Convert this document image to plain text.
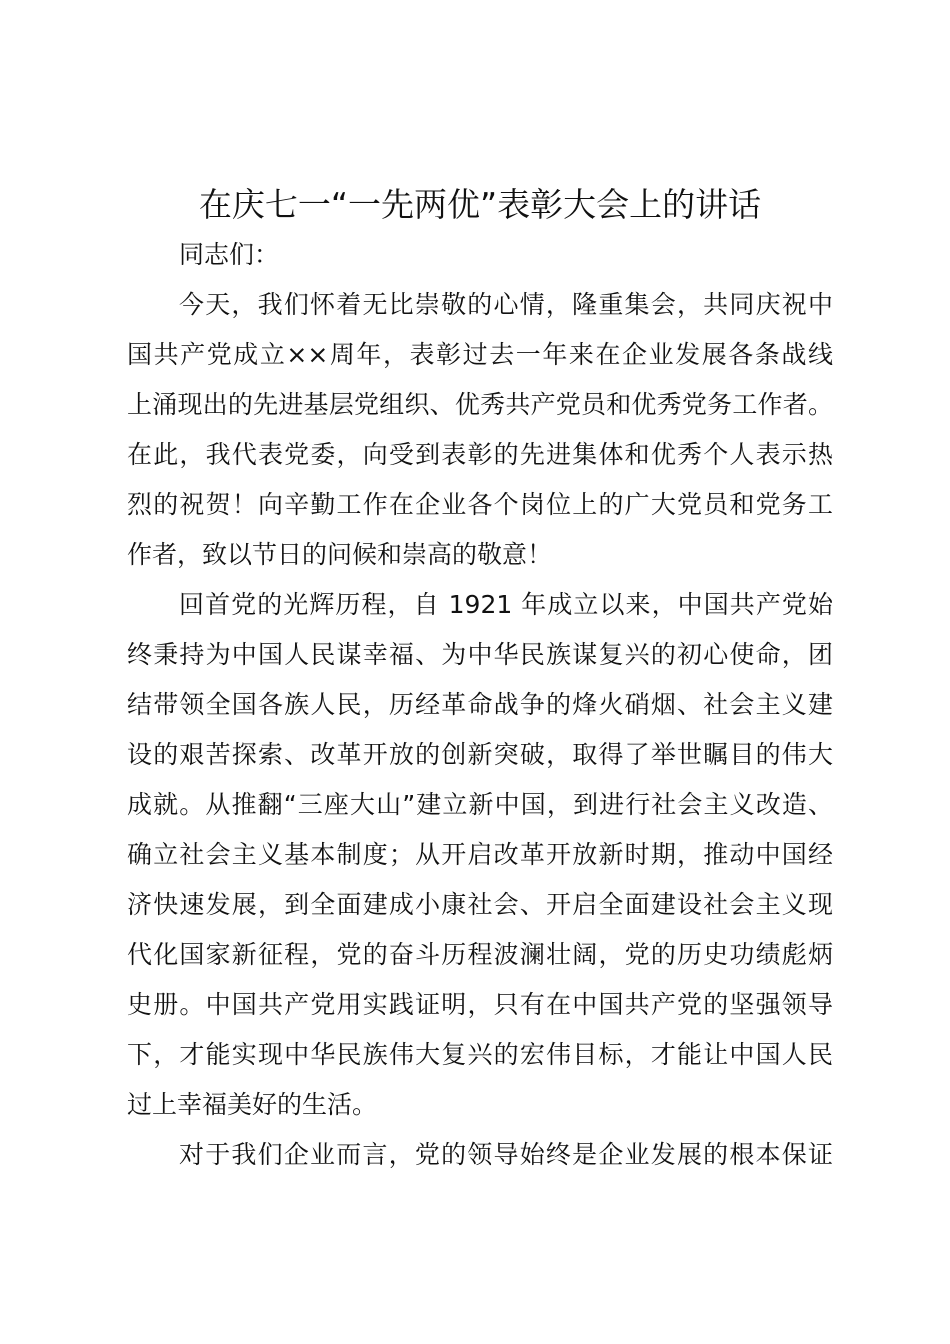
在庆七一“一先两优”表彰大会上的讲话
同志们：
今天，我们怀着无比崇敬的心情，隆重集会，共同庆祝中
国共产党成立××周年，表彰过去一年来在企业发展各条战线
上涌现出的先进基层党组织、优秀共产党员和优秀党务工作者。
在此，我代表党委，向受到表彰的先进集体和优秀个人表示热
烈的祝贺！向辛勤工作在企业各个岗位上的广大党员和党务工
作者，致以节日的问候和崇高的敬意！
回首党的光辉历程，自 1921 年成立以来，中国共产党始
终秉持为中国人民谋幸福、为中华民族谋复兴的初心使命，团
结带领全国各族人民，历经革命战争的烽火硝烟、社会主义建
设的艰苦探索、改革开放的创新突破，取得了举世瞩目的伟大
成就。从推翻“三座大山”建立新中国，到进行社会主义改造、
确立社会主义基本制度；从开启改革开放新时期，推动中国经
济快速发展，到全面建成小康社会、开启全面建设社会主义现
代化国家新征程，党的奋斗历程波澜壮阔，党的历史功绩彪炳
史册。中国共产党用实践证明，只有在中国共产党的坚强领导
下，才能实现中华民族伟大复兴的宏伟目标，才能让中国人民
过上幸福美好的生活。
对于我们企业而言，党的领导始终是企业发展的根本保证
